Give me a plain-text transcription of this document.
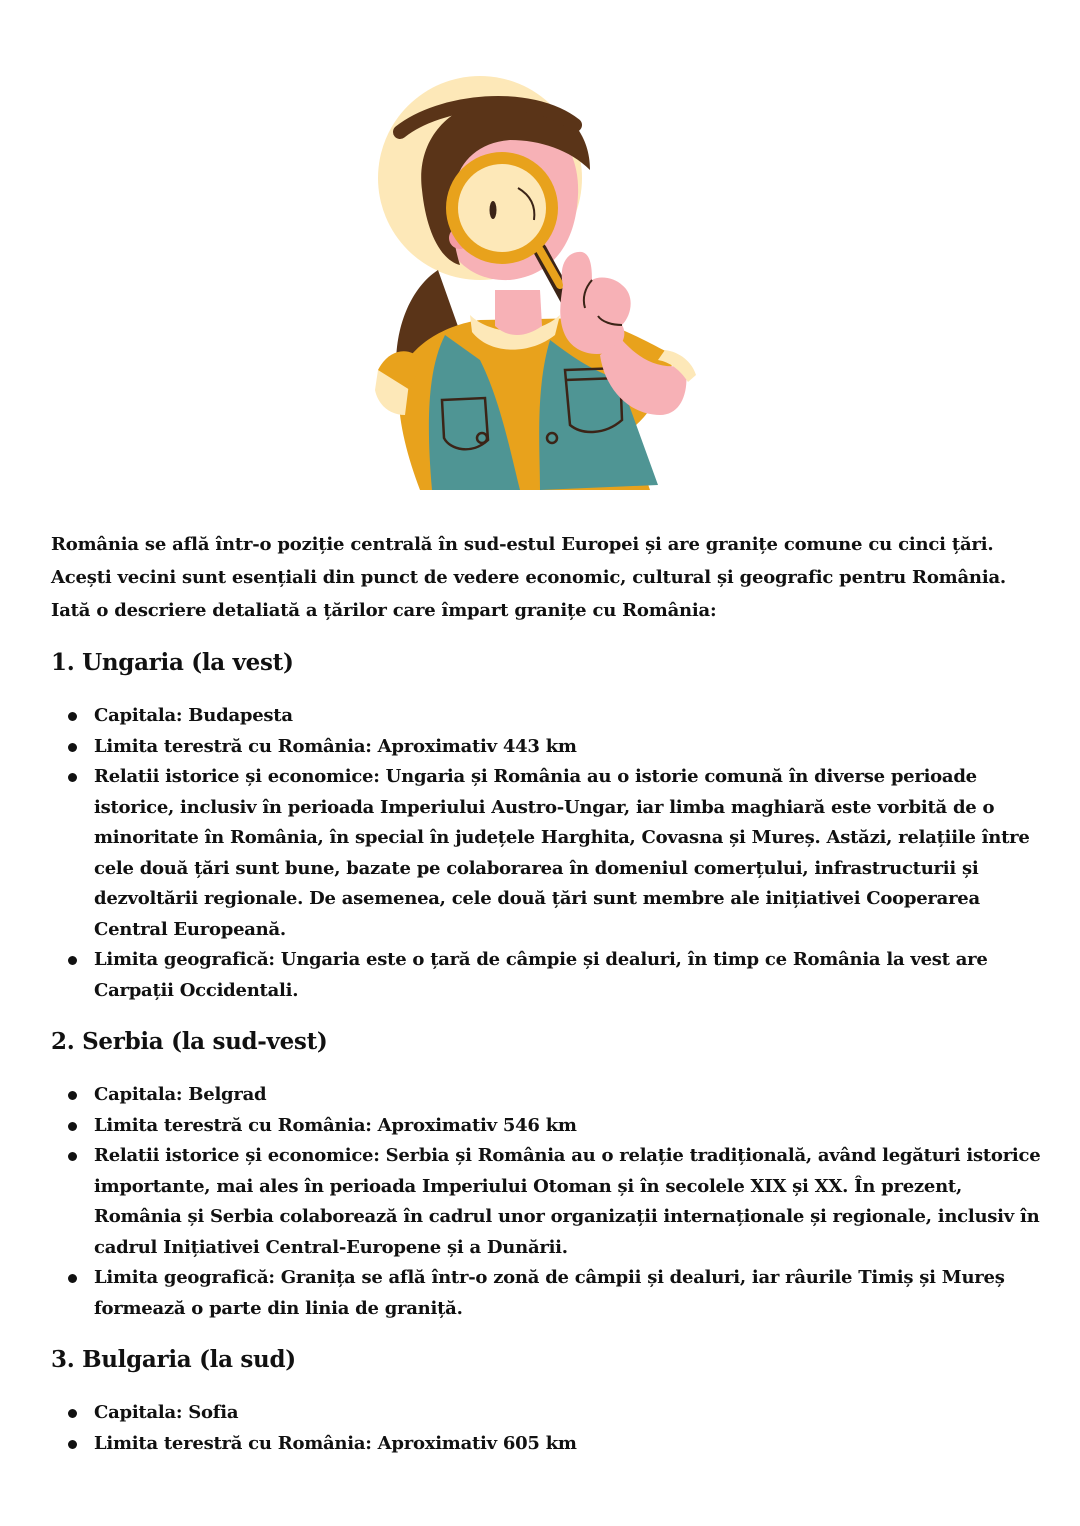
România se află într-o poziție centrală în sud-estul Europei și are granițe comune cu cinci țări.
Acești vecini sunt esențiali din punct de vedere economic, cultural și geografic pentru România.
Iată o descriere detaliată a țărilor care împart granițe cu România:

1. Ungaria (la vest)
Capitala: Budapesta
Limita terestră cu România: Aproximativ 443 km
Relatii istorice și economice: Ungaria și România au o istorie comună în diverse perioade istorice, inclusiv în perioada Imperiului Austro-Ungar, iar limba maghiară este vorbită de o minoritate în România, în special în județele Harghita, Covasna și Mureș. Astăzi, relațiile între cele două țări sunt bune, bazate pe colaborarea în domeniul comerțului, infrastructurii și dezvoltării regionale. De asemenea, cele două țări sunt membre ale inițiativei Cooperarea Central Europeană.
Limita geografică: Ungaria este o țară de câmpie și dealuri, în timp ce România la vest are Carpații Occidentali.
2. Serbia (la sud-vest)
Capitala: Belgrad
Limita terestră cu România: Aproximativ 546 km
Relatii istorice și economice: Serbia și România au o relație tradițională, având legături istorice importante, mai ales în perioada Imperiului Otoman și în secolele XIX și XX. În prezent, România și Serbia colaborează în cadrul unor organizații internaționale și regionale, inclusiv în cadrul Inițiativei Central-Europene și a Dunării.
Limita geografică: Granița se află într-o zonă de câmpii și dealuri, iar râurile Timiș și Mureș formează o parte din linia de graniță.
3. Bulgaria (la sud)
Capitala: Sofia
Limita terestră cu România: Aproximativ 605 km
